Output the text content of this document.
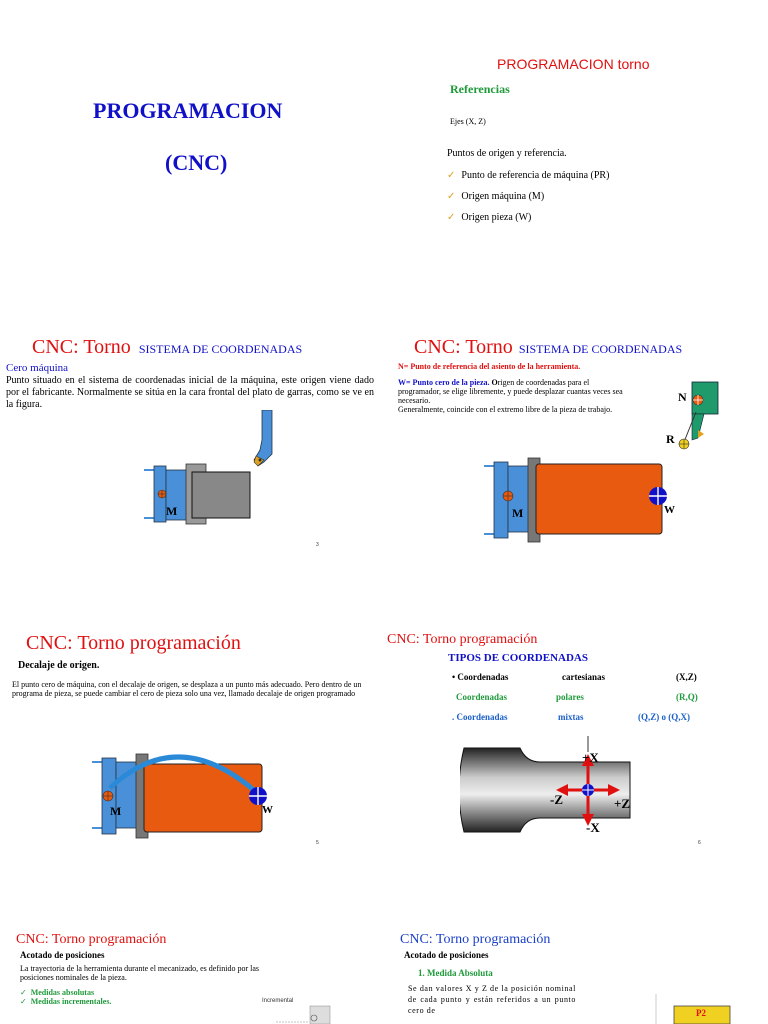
PROGRAMACION
(CNC)
PROGRAMACION torno
Referencias
Ejes (X, Z)
Puntos de origen y referencia.
✓ Punto de referencia de máquina (PR)
✓ Origen máquina (M)
✓ Origen pieza (W)
CNC: Torno SISTEMA DE COORDENADAS
Cero máquina
Punto situado en el sistema de coordenadas inicial de la máquina, este origen viene dado por el fabricante. Normalmente se sitúa en la cara frontal del plato de garras, como se ve en la figura.
M
3
CNC: Torno SISTEMA DE COORDENADAS
N= Punto de referencia del asiento de la herramienta.
W= Punto cero de la pieza. Origen de coordenadas para el programador, se elige libremente, y puede desplazar cuantas veces sea necesario.
Generalmente, coincide con el extremo libre de la pieza de trabajo.
N
R
M	W
CNC: Torno programación
Decalaje de origen.
El punto cero de máquina, con el decalaje de origen, se desplaza a un punto más adecuado. Pero dentro de un programa de pieza, se puede cambiar el cero de pieza solo una vez, llamado decalaje de origen programado
M	W
5
CNC: Torno programación
TIPOS DE COORDENADAS
• Coordenadas	cartesianas	(X,Z)
Coordenadas	polares	(R,Q)
. Coordenadas	mixtas	(Q,Z) o (Q,X)
+X
-X
+Z
-Z
6
CNC: Torno programación
Acotado de posiciones
La trayectoria de la herramienta durante el mecanizado, es definido por las posiciones nominales de la pieza.
✓ Medidas absolutas
✓ Medidas incrementales.	Incremental
CNC: Torno programación
Acotado de posiciones
1. Medida Absoluta
Se dan valores X y Z de la posición nominal de cada punto y están referidos a un punto cero de	P2
